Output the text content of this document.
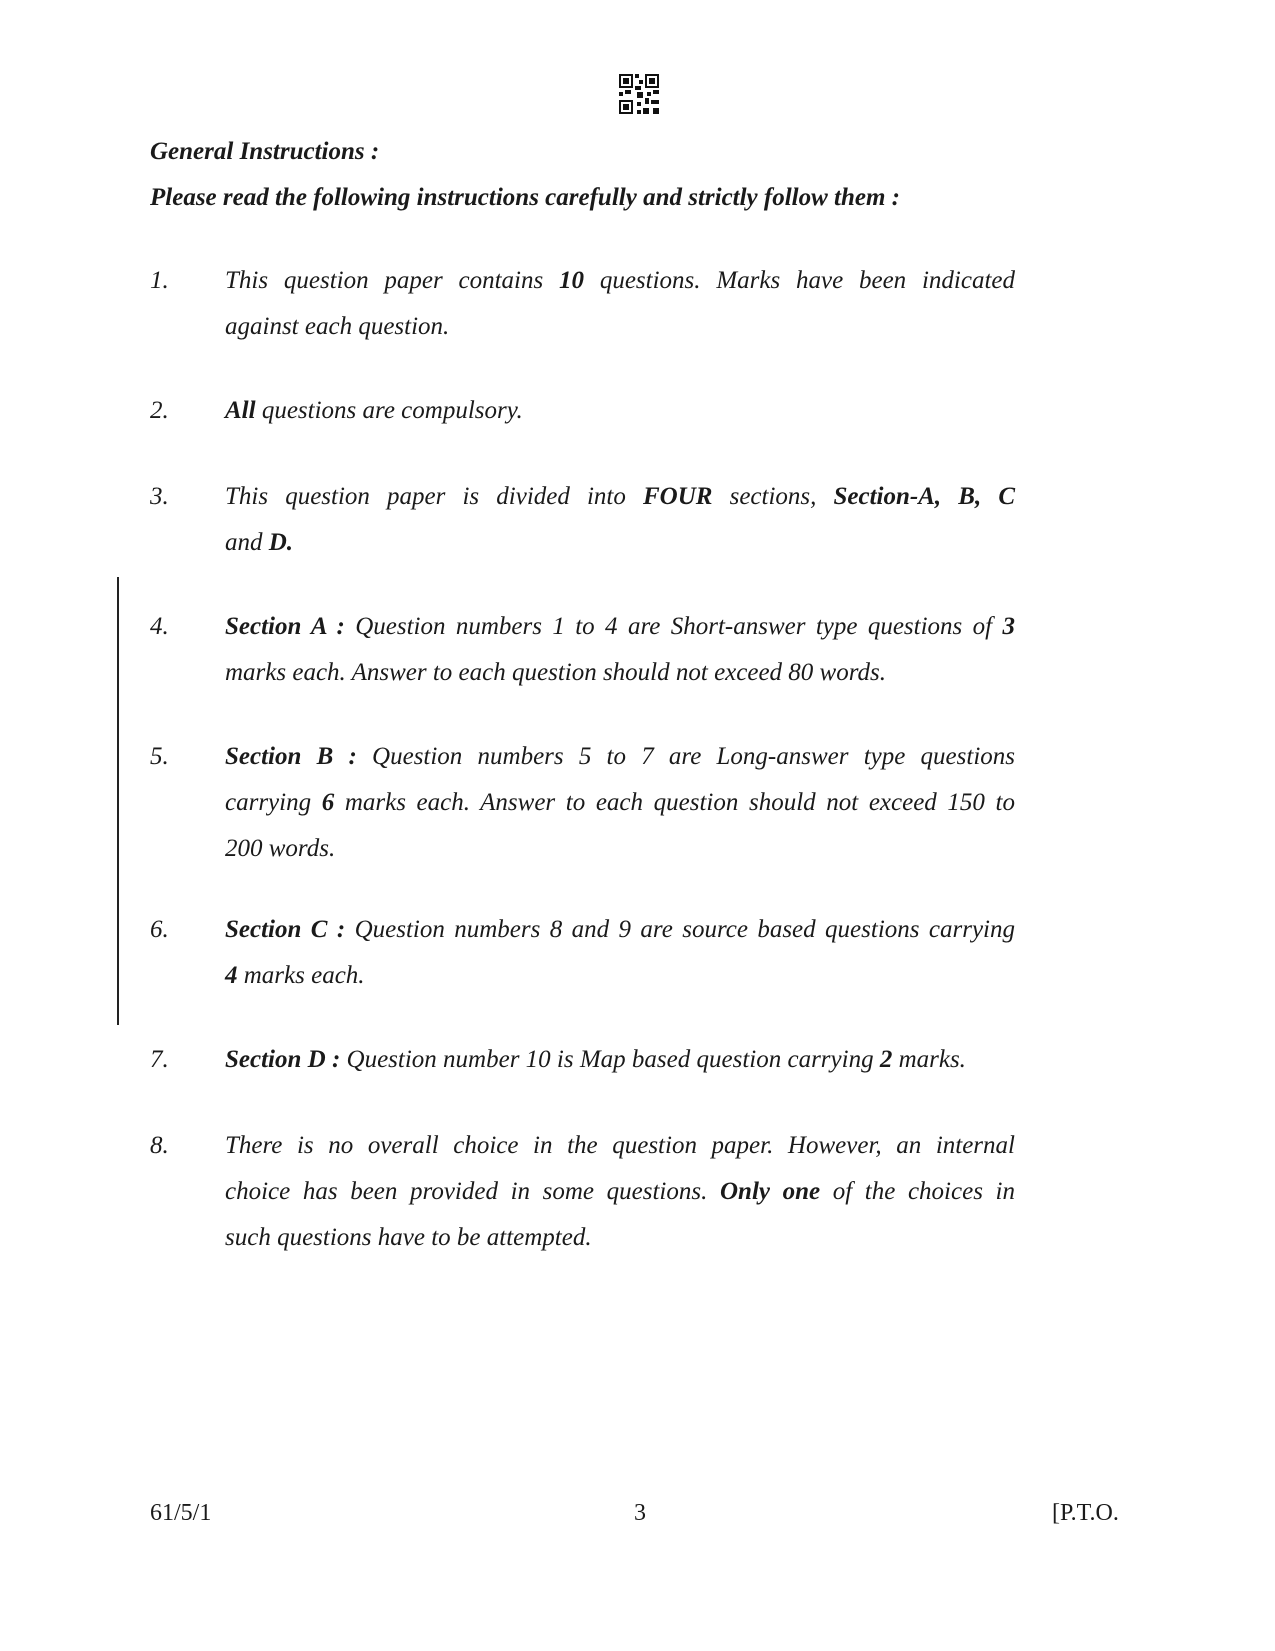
General Instructions :
Please read the following instructions carefully and strictly follow them :
1.	This question paper contains 10 questions. Marks have been indicated
against each question.
2.	All questions are compulsory.
3.	This question paper is divided into FOUR sections, Section-A, B, C
and D.
4.	Section A : Question numbers 1 to 4 are Short-answer type questions of 3
marks each. Answer to each question should not exceed 80 words.
5.	Section B : Question numbers 5 to 7 are Long-answer type questions
carrying 6 marks each. Answer to each question should not exceed 150 to
200 words.
6.	Section C : Question numbers 8 and 9 are source based questions carrying
4 marks each.
7.	Section D : Question number 10 is Map based question carrying 2 marks.
8.	There is no overall choice in the question paper. However, an internal
choice has been provided in some questions. Only one of the choices in
such questions have to be attempted.
61/5/1	3	[P.T.O.
